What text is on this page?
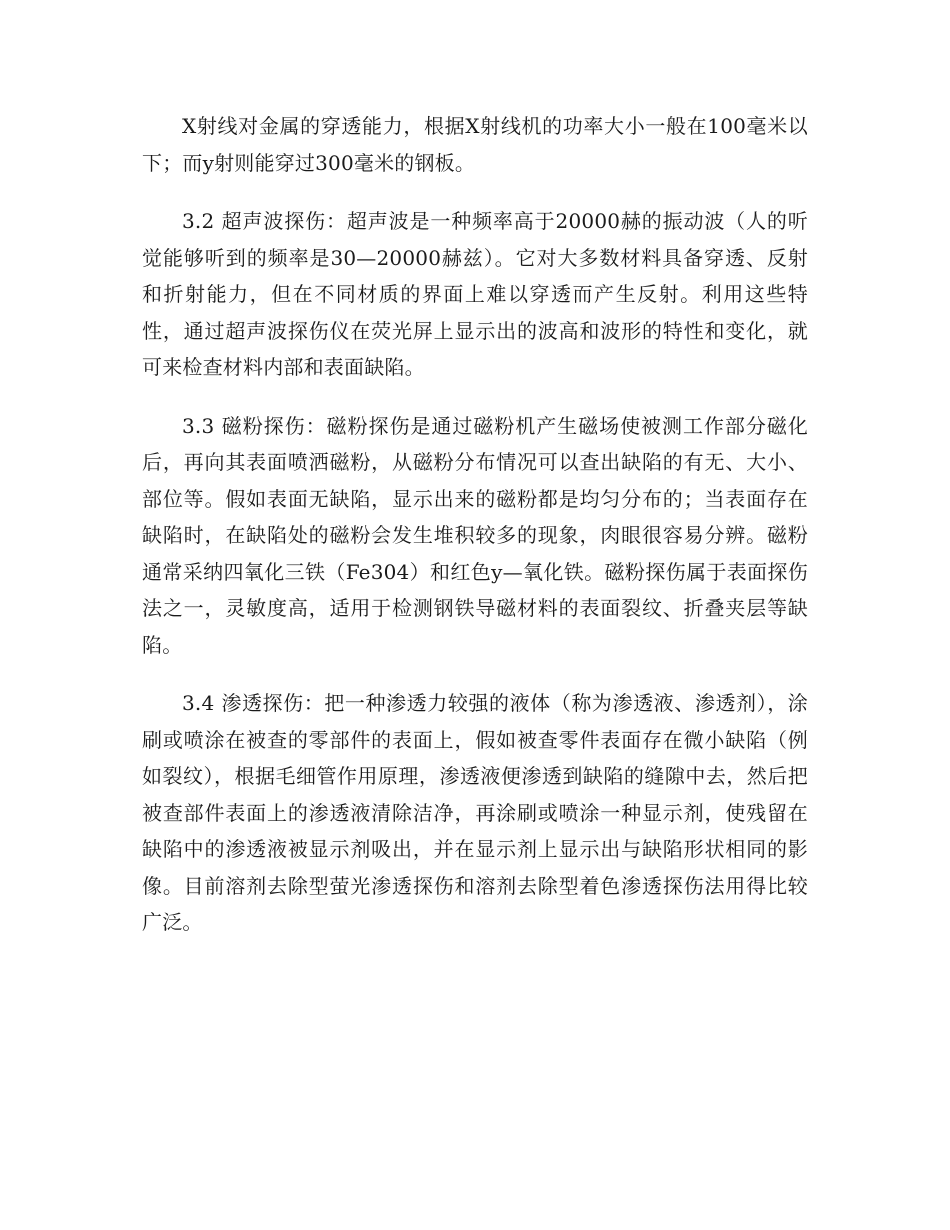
X射线对金属的穿透能力，根据X射线机的功率大小一般在100毫米以下；而y射则能穿过300毫米的钢板。

3.2 超声波探伤：超声波是一种频率高于20000赫的振动波（人的听觉能够听到的频率是30—20000赫兹）。它对大多数材料具备穿透、反射和折射能力，但在不同材质的界面上难以穿透而产生反射。利用这些特性，通过超声波探伤仪在荧光屏上显示出的波高和波形的特性和变化，就可来检查材料内部和表面缺陷。

3.3 磁粉探伤：磁粉探伤是通过磁粉机产生磁场使被测工作部分磁化后，再向其表面喷洒磁粉，从磁粉分布情况可以查出缺陷的有无、大小、部位等。假如表面无缺陷，显示出来的磁粉都是均匀分布的；当表面存在缺陷时，在缺陷处的磁粉会发生堆积较多的现象，肉眼很容易分辨。磁粉通常采纳四氧化三铁（Fe304）和红色y—氧化铁。磁粉探伤属于表面探伤法之一，灵敏度高，适用于检测钢铁导磁材料的表面裂纹、折叠夹层等缺陷。

3.4 渗透探伤：把一种渗透力较强的液体（称为渗透液、渗透剂），涂刷或喷涂在被查的零部件的表面上，假如被查零件表面存在微小缺陷（例如裂纹），根据毛细管作用原理，渗透液便渗透到缺陷的缝隙中去，然后把被查部件表面上的渗透液清除洁净，再涂刷或喷涂一种显示剂，使残留在缺陷中的渗透液被显示剂吸出，并在显示剂上显示出与缺陷形状相同的影像。目前溶剂去除型萤光渗透探伤和溶剂去除型着色渗透探伤法用得比较广泛。
